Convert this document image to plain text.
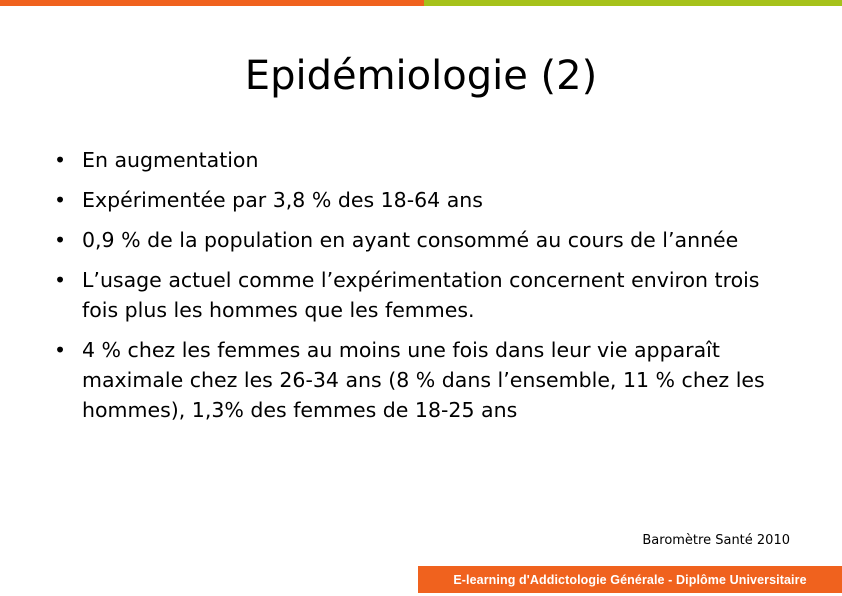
Epidémiologie (2)
• En augmentation
• Expérimentée par 3,8 % des 18-64 ans
• 0,9 % de la population en ayant consommé au cours de l’année
• L’usage actuel comme l’expérimentation concernent environ trois fois plus les hommes que les femmes.
• 4 % chez les femmes au moins une fois dans leur vie apparaît maximale chez les 26-34 ans (8 % dans l’ensemble, 11 % chez les hommes), 1,3% des femmes de 18-25 ans
Baromètre Santé 2010
E-learning d'Addictologie Générale - Diplôme Universitaire
